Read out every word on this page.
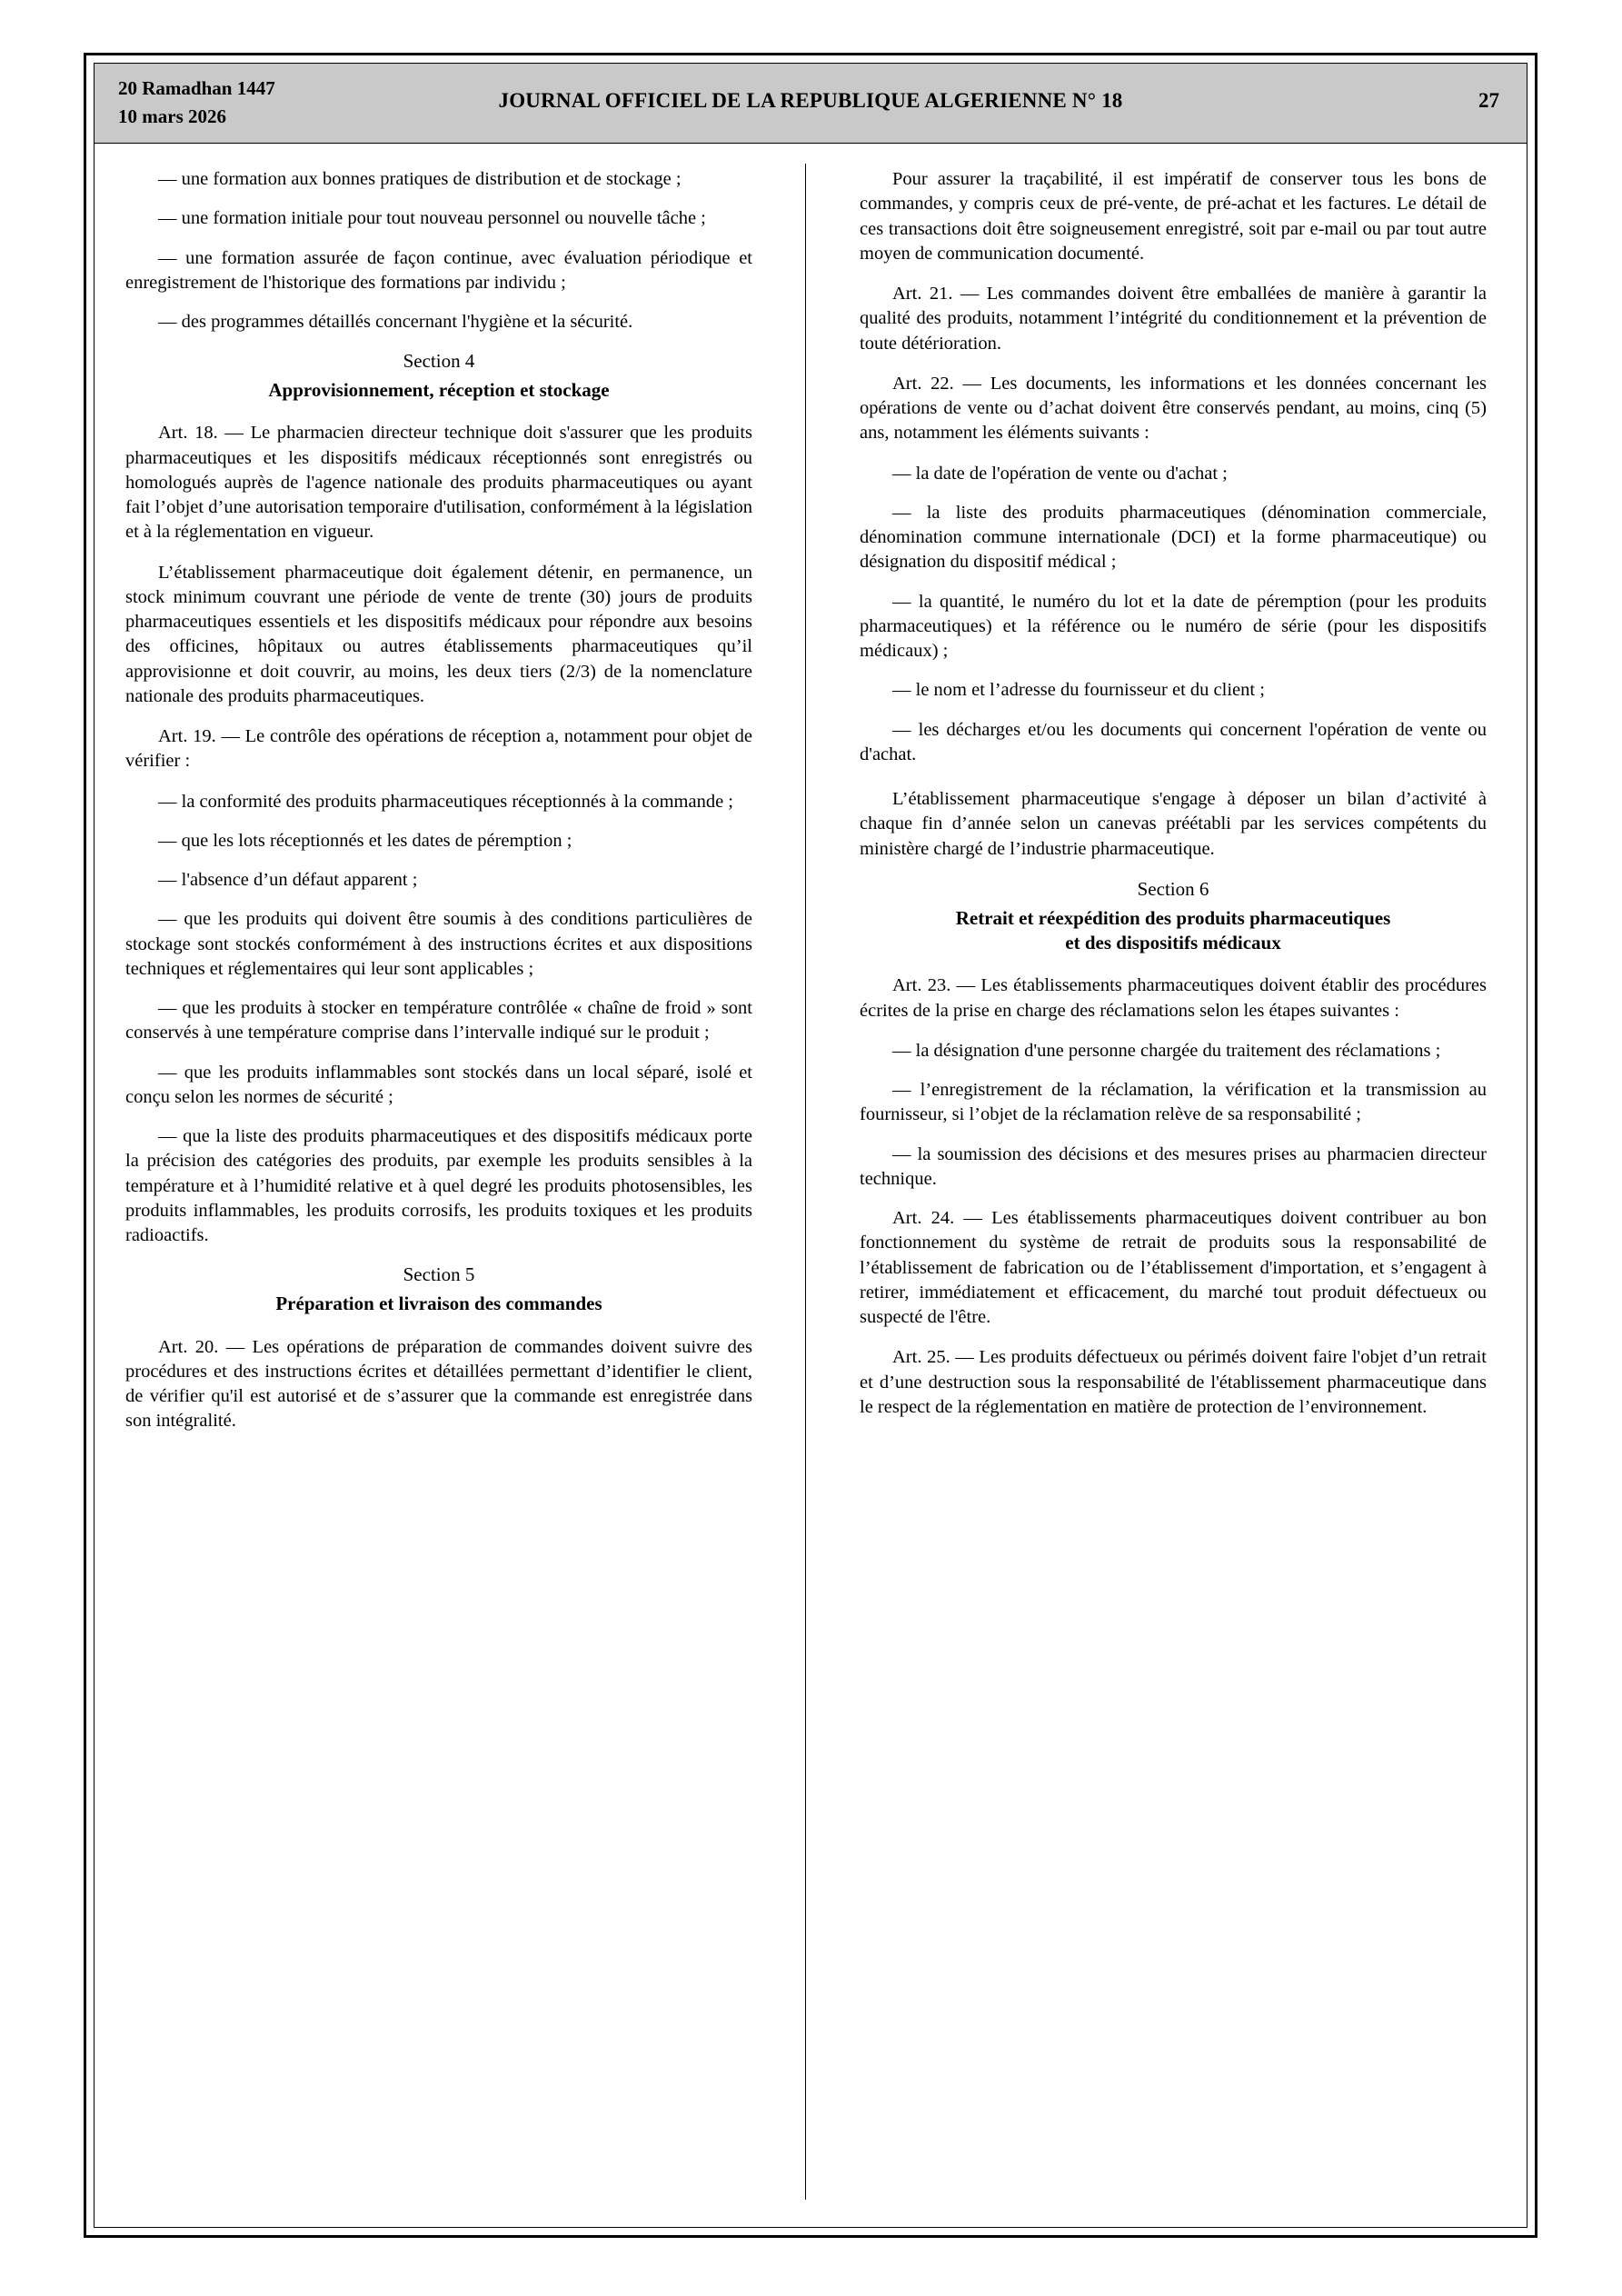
20 Ramadhan 1447
10 mars 2026
JOURNAL OFFICIEL DE LA REPUBLIQUE ALGERIENNE N° 18	27

— une formation aux bonnes pratiques de distribution et de stockage ;

— une formation initiale pour tout nouveau personnel ou nouvelle tâche ;

— une formation assurée de façon continue, avec évaluation périodique et enregistrement de l'historique des formations par individu ;

— des programmes détaillés concernant l'hygiène et la sécurité.

Section 4

Approvisionnement, réception et stockage

Art. 18. — Le pharmacien directeur technique doit s'assurer que les produits pharmaceutiques et les dispositifs médicaux réceptionnés sont enregistrés ou homologués auprès de l'agence nationale des produits pharmaceutiques ou ayant fait l’objet d’une autorisation temporaire d'utilisation, conformément à la législation et à la réglementation en vigueur.

L’établissement pharmaceutique doit également détenir, en permanence, un stock minimum couvrant une période de vente de trente (30) jours de produits pharmaceutiques essentiels et les dispositifs médicaux pour répondre aux besoins des officines, hôpitaux ou autres établissements pharmaceutiques qu’il approvisionne et doit couvrir, au moins, les deux tiers (2/3) de la nomenclature nationale des produits pharmaceutiques.

Art. 19. — Le contrôle des opérations de réception a, notamment pour objet de vérifier :

— la conformité des produits pharmaceutiques réceptionnés à la commande ;

— que les lots réceptionnés et les dates de péremption ;

— l'absence d’un défaut apparent ;

— que les produits qui doivent être soumis à des conditions particulières de stockage sont stockés conformément à des instructions écrites et aux dispositions techniques et réglementaires qui leur sont applicables ;

— que les produits à stocker en température contrôlée « chaîne de froid » sont conservés à une température comprise dans l’intervalle indiqué sur le produit ;

— que les produits inflammables sont stockés dans un local séparé, isolé et conçu selon les normes de sécurité ;

— que la liste des produits pharmaceutiques et des dispositifs médicaux porte la précision des catégories des produits, par exemple les produits sensibles à la température et à l’humidité relative et à quel degré les produits photosensibles, les produits inflammables, les produits corrosifs, les produits toxiques et les produits radioactifs.

Section 5

Préparation et livraison des commandes

Art. 20. — Les opérations de préparation de commandes doivent suivre des procédures et des instructions écrites et détaillées permettant d’identifier le client, de vérifier qu'il est autorisé et de s’assurer que la commande est enregistrée dans son intégralité.

Pour assurer la traçabilité, il est impératif de conserver tous les bons de commandes, y compris ceux de pré-vente, de pré-achat et les factures. Le détail de ces transactions doit être soigneusement enregistré, soit par e-mail ou par tout autre moyen de communication documenté.

Art. 21. — Les commandes doivent être emballées de manière à garantir la qualité des produits, notamment l’intégrité du conditionnement et la prévention de toute détérioration.

Art. 22. — Les documents, les informations et les données concernant les opérations de vente ou d’achat doivent être conservés pendant, au moins, cinq (5) ans, notamment les éléments suivants :

— la date de l'opération de vente ou d'achat ;

— la liste des produits pharmaceutiques (dénomination commerciale, dénomination commune internationale (DCI) et la forme pharmaceutique) ou désignation du dispositif médical ;

— la quantité, le numéro du lot et la date de péremption (pour les produits pharmaceutiques) et la référence ou le numéro de série (pour les dispositifs médicaux) ;

— le nom et l’adresse du fournisseur et du client ;

— les décharges et/ou les documents qui concernent l'opération de vente ou d'achat.

L’établissement pharmaceutique s'engage à déposer un bilan d’activité à chaque fin d’année selon un canevas préétabli par les services compétents du ministère chargé de l’industrie pharmaceutique.

Section 6

Retrait et réexpédition des produits pharmaceutiques
et des dispositifs médicaux

Art. 23. — Les établissements pharmaceutiques doivent établir des procédures écrites de la prise en charge des réclamations selon les étapes suivantes :

— la désignation d'une personne chargée du traitement des réclamations ;

— l’enregistrement de la réclamation, la vérification et la transmission au fournisseur, si l’objet de la réclamation relève de sa responsabilité ;

— la soumission des décisions et des mesures prises au pharmacien directeur technique.

Art. 24. — Les établissements pharmaceutiques doivent contribuer au bon fonctionnement du système de retrait de produits sous la responsabilité de l’établissement de fabrication ou de l’établissement d'importation, et s’engagent à retirer, immédiatement et efficacement, du marché tout produit défectueux ou suspecté de l'être.

Art. 25. — Les produits défectueux ou périmés doivent faire l'objet d’un retrait et d’une destruction sous la responsabilité de l'établissement pharmaceutique dans le respect de la réglementation en matière de protection de l’environnement.
